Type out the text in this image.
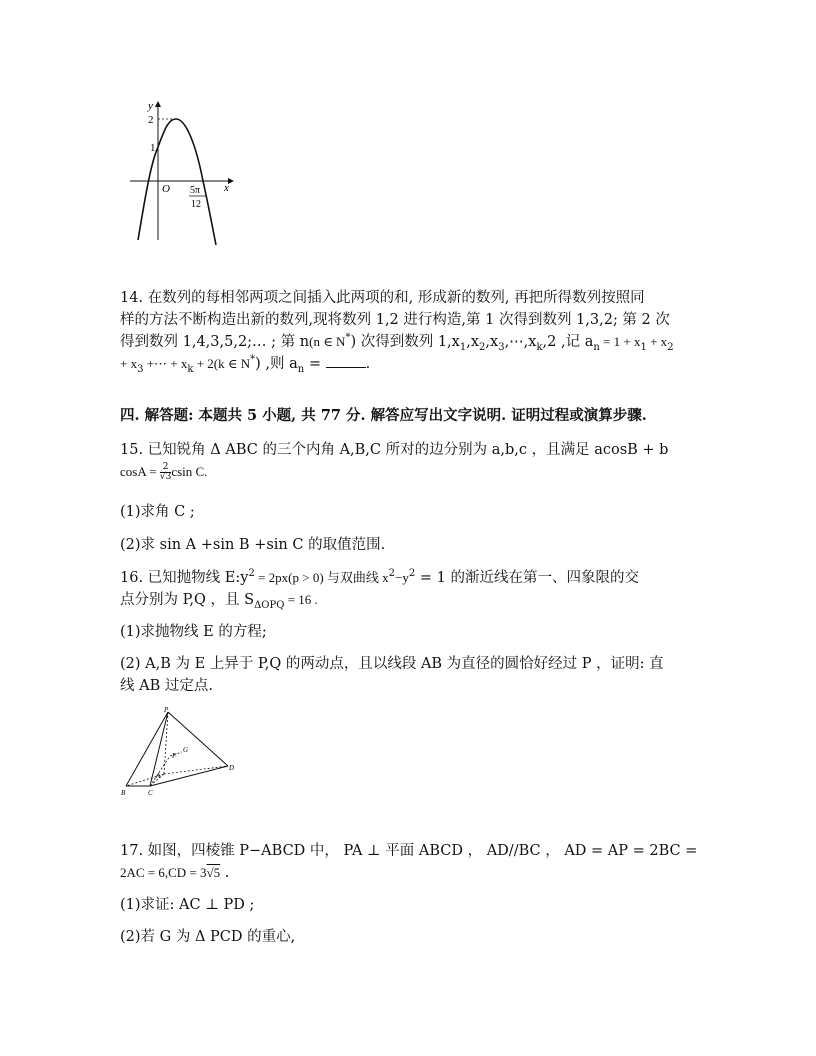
y
x
O
2
1
5π
12
14. 在数列的每相邻两项之间插入此两项的和, 形成新的数列, 再把所得数列按照同
样的方法不断构造出新的数列,现将数列 1,2 进行构造,第 1 次得到数列 1,3,2; 第 2 次
得到数列 1,4,3,5,2;… ; 第 n(n ∈ N*) 次得到数列 $1,x_1,x_2,x_3,\cdots,x_k,2$ ,记 $a_n = 1 + x_1 + x_2$
+ $x_3$ +⋯ + $x_k + 2(k$ ∈ N*) ,则 $a_n$ =	.
四. 解答题: 本题共 5 小题, 共 77 分. 解答应写出文字说明. 证明过程或演算步骤.
15. 已知锐角 Δ ABC 的三个内角 A,B,C 所对的边分别为 a,b,c ，且满足 acosB + b
$\cos A = \frac{2}{√3}$ csin C.
(1)求角 C ;
(2)求 sin A +sin B +sin C 的取值范围.
16. 已知抛物线 $E:y^2 = 2px(p > 0)$ 与双曲线 $x^2-y^2 = 1$ 的渐近线在第一、四象限的交
点分别为 P,Q ，且 $S_{\Delta OPQ} = 16$ .
(1)求抛物线 E 的方程;
(2) A,B 为 E 上异于 P,Q 的两动点，且以线段 AB 为直径的圆恰好经过 P ，证明: 直
线 AB 过定点.
P
A
B	C
D
F
G
17. 如图，四棱锥 P−ABCD 中， PA ⊥ 平面 ABCD ， AD//BC ， AD = AP = 2BC =
2AC = 6,CD = 3√5 .
(1)求证: AC ⊥ PD ;
(2)若 G 为 Δ PCD 的重心,
